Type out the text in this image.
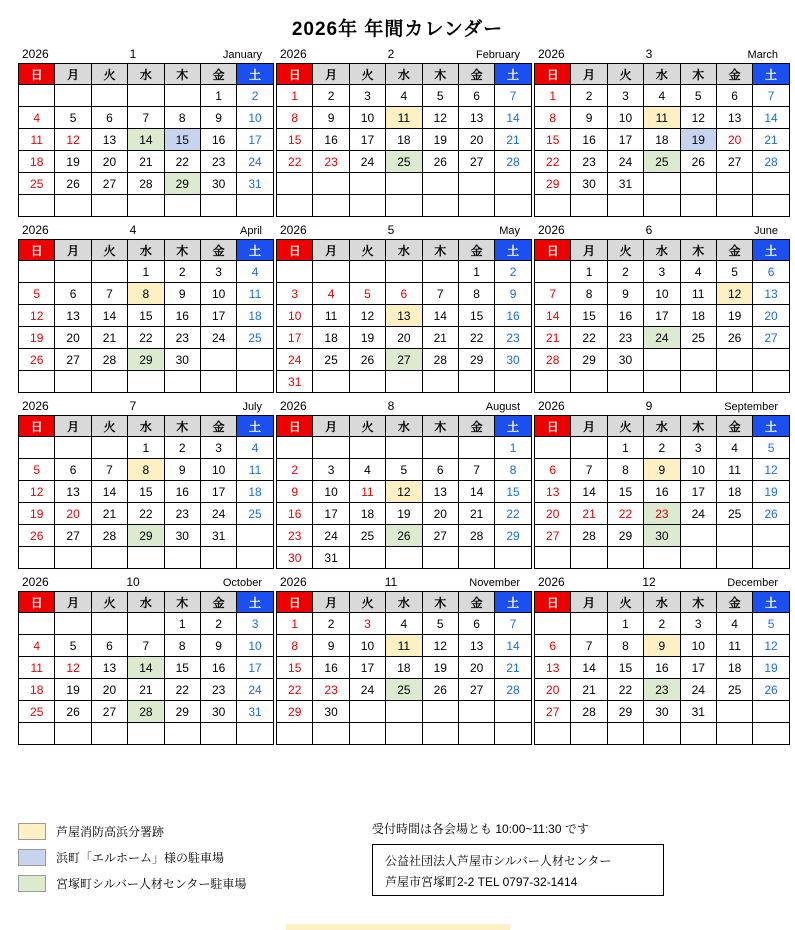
2026年 年間カレンダー
2026	1	January
日	月	火	水	木	金	土
					1	2
4	5	6	7	8	9	10
11	12	13	14	15	16	17
18	19	20	21	22	23	24
25	26	27	28	29	30	31

2026	2	February
日	月	火	水	木	金	土
1	2	3	4	5	6	7
8	9	10	11	12	13	14
15	16	17	18	19	20	21
22	23	24	25	26	27	28

2026	3	March
日	月	火	水	木	金	土
1	2	3	4	5	6	7
8	9	10	11	12	13	14
15	16	17	18	19	20	21
22	23	24	25	26	27	28
29	30	31				

2026	4	April
日	月	火	水	木	金	土
			1	2	3	4
5	6	7	8	9	10	11
12	13	14	15	16	17	18
19	20	21	22	23	24	25
26	27	28	29	30		

2026	5	May
日	月	火	水	木	金	土
					1	2
3	4	5	6	7	8	9
10	11	12	13	14	15	16
17	18	19	20	21	22	23
24	25	26	27	28	29	30
31						
2026	6	June
日	月	火	水	木	金	土
	1	2	3	4	5	6
7	8	9	10	11	12	13
14	15	16	17	18	19	20
21	22	23	24	25	26	27
28	29	30				

2026	7	July
日	月	火	水	木	金	土
			1	2	3	4
5	6	7	8	9	10	11
12	13	14	15	16	17	18
19	20	21	22	23	24	25
26	27	28	29	30	31	

2026	8	August
日	月	火	水	木	金	土
						1
2	3	4	5	6	7	8
9	10	11	12	13	14	15
16	17	18	19	20	21	22
23	24	25	26	27	28	29
30	31					
2026	9	September
日	月	火	水	木	金	土
		1	2	3	4	5
6	7	8	9	10	11	12
13	14	15	16	17	18	19
20	21	22	23	24	25	26
27	28	29	30			

2026	10	October
日	月	火	水	木	金	土
				1	2	3
4	5	6	7	8	9	10
11	12	13	14	15	16	17
18	19	20	21	22	23	24
25	26	27	28	29	30	31

2026	11	November
日	月	火	水	木	金	土
1	2	3	4	5	6	7
8	9	10	11	12	13	14
15	16	17	18	19	20	21
22	23	24	25	26	27	28
29	30					

2026	12	December
日	月	火	水	木	金	土
		1	2	3	4	5
6	7	8	9	10	11	12
13	14	15	16	17	18	19
20	21	22	23	24	25	26
27	28	29	30	31		

芦屋消防高浜分署跡
浜町「エルホーム」様の駐車場
宮塚町シルバー人材センター駐車場
受付時間は各会場とも 10:00~11:30 です
公益社団法人芦屋市シルバー人材センター
芦屋市宮塚町2-2 TEL 0797-32-1414
